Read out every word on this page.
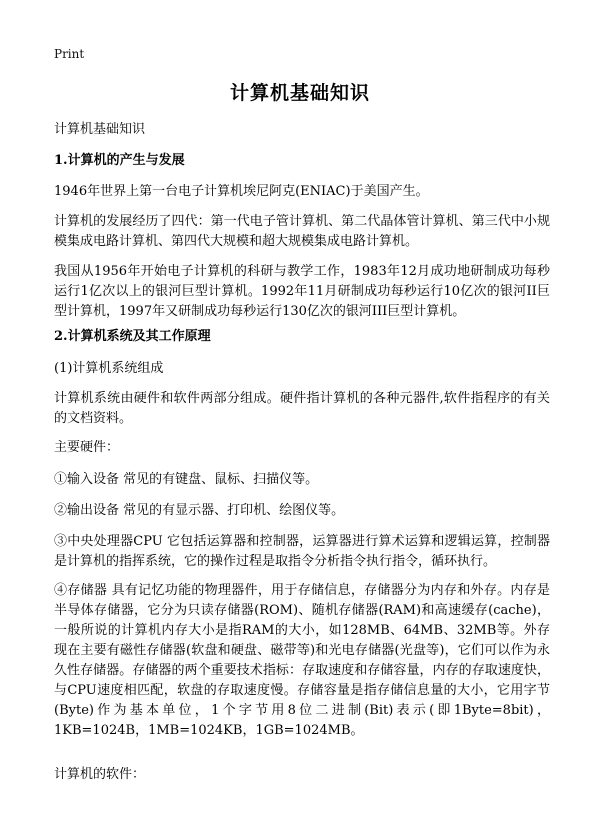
Print
计算机基础知识

计算机基础知识

1.计算机的产生与发展

1946年世界上第一台电子计算机埃尼阿克(ENIAC)于美国产生。

计算机的发展经历了四代：第一代电子管计算机、第二代晶体管计算机、第三代中小规模集成电路计算机、第四代大规模和超大规模集成电路计算机。

我国从1956年开始电子计算机的科研与教学工作，1983年12月成功地研制成功每秒运行1亿次以上的银河巨型计算机。1992年11月研制成功每秒运行10亿次的银河II巨型计算机，1997年又研制成功每秒运行130亿次的银河III巨型计算机。

2.计算机系统及其工作原理

(1)计算机系统组成

计算机系统由硬件和软件两部分组成。硬件指计算机的各种元器件,软件指程序的有关的文档资料。

主要硬件：

①输入设备 常见的有键盘、鼠标、扫描仪等。

②输出设备 常见的有显示器、打印机、绘图仪等。

③中央处理器CPU 它包括运算器和控制器，运算器进行算术运算和逻辑运算，控制器是计算机的指挥系统，它的操作过程是取指令分析指令执行指令，循环执行。

④存储器 具有记忆功能的物理器件，用于存储信息，存储器分为内存和外存。内存是半导体存储器，它分为只读存储器(ROM)、随机存储器(RAM)和高速缓存(cache)，一般所说的计算机内存大小是指RAM的大小，如128MB、64MB、32MB等。外存现在主要有磁性存储器(软盘和硬盘、磁带等)和光电存储器(光盘等)，它们可以作为永久性存储器。存储器的两个重要技术指标：存取速度和存储容量，内存的存取速度快，与CPU速度相匹配，软盘的存取速度慢。存储容量是指存储信息量的大小，它用字节(Byte)作为基本单位，1个字节用8位二进制(Bit)表示(即1Byte=8bit)，1KB=1024B，1MB=1024KB，1GB=1024MB。

计算机的软件：
